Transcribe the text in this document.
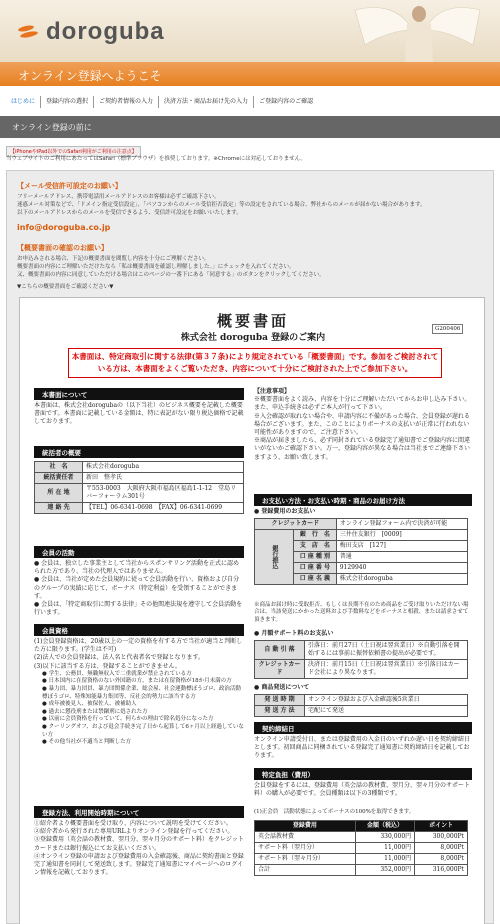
doroguba
オンライン登録へようこそ
はじめに	登録内容の選択	ご契約者情報の入力	決済方法・商品お届け先の入力	ご登録内容のご確認
オンライン登録の前に
【iPhoneやiPad以外でのSafari利用がご利用の注意点】
当ウェブサイトのご利用にあたってはSafari（標準ブラウザ）を推奨しております。※Chromeには対応しておりません。
【メール受信許可設定のお願い】
フリーメールアドレス、携帯電話用メールアドレスのお客様は必ずご確認下さい。
迷惑メール対策などで、「ドメイン指定受信設定」、「パソコンからのメール受信拒否設定」等の設定をされている場合、弊社からのメールが届かない場合があります。
以下のメールアドレスからのメールを受信できるよう、受信許可設定をお願いいたします。
info@doroguba.co.jp
【概要書面の確認のお願い】
お申込みされる場合、下記の概要書面を閲覧し内容を十分にご理解ください。
概要書面の内容にご理解いただけたなら「私は概要書面を確認し理解しました。」にチェックを入れてください。
又、概要書面の内容に同意していただける場合はこのページの一番下にある「同意する」のボタンをクリックしてください。
▼こちらの概要書面をご確認ください▼
概要書面	G200406
株式会社 doroguba 登録のご案内
本書面は、特定商取引に関する法律(第３７条)により規定されている「概要書面」です。参加をご検討されている方は、本書面をよくご覧いただき、内容について十分にご検討された上でご参加下さい。
本書面について
本書面は、株式会社dorogubaの（以下当社）のビジネス概要を記載した概要書面です。本書面に記載している金額は、特に表記がない限り税込価格で記載しております。
統括者の概要
社　名	株式会社doroguba
統括責任者	新田　整孝氏
所 在 地	〒553-0003　大阪府大阪市福島区福島1-1-12　堂島リバーフォーラム301号
連 絡 先	【TEL】06-6341-0698　【FAX】06-6341-0699
会員の活動
● 会員は、独立した事業主として当社からスポンサリング活動を正式に認められた方であり、当社の代理人ではありません。
● 会員は、当社が定めた会員規約に従って会員活動を行い、資格および自分のグループの実績に応じて、ボーナス（特定利益）を受領することができます。
● 会員は、「特定商取引に関する法律」その他関連法規を遵守して会員活動を行います。
会員資格
(1)会員登録資格は、20歳以上の一定の資格を有する方で当社が適当と判断した方に限ります。(学生は不可)
(2)法人での会員登録は、法人名と代表者名で登録となります。
(3)以下に該当する方は、登録することができません。
● 学生、公務員、無職無収入で二重就業が禁止されている方
● 日本国内に在留資格のない外国籍の方、または在留資格が18か月未満の方
● 暴力団、暴力団員、暴力団関係企業、総会屋、社会運動標ぼうゴロ、政治活動標ぼうゴロ、特殊知能暴力集団等、反社会的勢力に該当する方
● 成年被後見人、被保佐人、被補助人
● 過去に懲役刑または禁錮刑に処された方
● 以前に会員資格を行っていて、何らかの理由で除名処分になった方
● クーリングオフ、および退会手続き完了日から起算して6ヶ月以上経過していない方
● その他当社が不適当と判断した方
登録方法、利用開始時期について
①紹介者より概要書面を受け取り、内容について説明を受けてください。
②紹介者から発行された専用URLよりオンライン登録を行ってください。
③登録費用（英会話の教材費、翌月分、翌々月分のサポート料）をクレジットカードまたは銀行振込にてお支払いください。
④オンライン登録の申請および登録費用の入金確認後、商品に契約書面と登録完了通知書を同封して発送致します。登録完了通知書にマイページへのログイン情報を記載しております。
【注意事項】
※概要書面をよく読み、内容を十分にご理解いただいてからお申し込み下さい。また、申込手続きは必ずご本人が行って下さい。
※入会確認が取れない場合や、申請内容に不備があった場合、会員登録が遅れる場合がございます。また、このことによりボーナスの支払いが正常に行われない可能性がありますので、ご注意下さい。
※商品が届きましたら、必ず同封されている登録完了通知書でご登録内容に間違いがないかご確認下さい。万一、登録内容が異なる場合は当社までご連絡下さいますよう、お願い致します。
お支払い方法・お支払い時期・商品のお届け方法
● 登録費用のお支払い
クレジットカード		オンライン登録フォーム内で決済が可能
銀行振込	銀　行　名	三井住友銀行　[0009]
	支　店　名	梅田支店　[127]
	口 座 種 別	普通
	口 座 番 号	9129940
	口 座 名 義	株式会社doroguba
※商品お届け時に受取拒否、もしくは長期不在のため商品をご受け取りいただけない場合は、当該発送にかかった送料および手数料などをボーナスと相殺、または請求させて頂きます。
● 月額サポート料のお支払い
自 動 引 落	引落日：前月27日（土日祝は翌営業日）※自動引落を開始するには事前に振替依頼書の提出が必要です。
クレジットカード	決済日：前月15日（土日祝は翌営業日）※引落日はカード会社により異なります。
● 商品発送について
発 送 時 期	オンライン登録および入金確認後5営業日
発 送 方 法	宅配にて発送
契約締結日
オンライン申請受付日、または登録費用の入金日のいずれか遅い日を契約締結日とします。初回商品に同梱されている登録完了通知書に契約締結日を記載しております。
特定負担（費用）
会員登録をするには、登録費用（英会話の教材費、翌月分、翌々月分のサポート料）の購入が必要です。会員種類は以下の3種類です。
(1)正会員　活動状態によってボーナスの100%を取得できます。
登録費用	金額（税込）	ポイント
英会話教材費	330,000円	300,000Pt
サポート料（翌月分）	11,000円	8,000Pt
サポート料（翌々月分）	11,000円	8,000Pt
合計	352,000円	316,000Pt
